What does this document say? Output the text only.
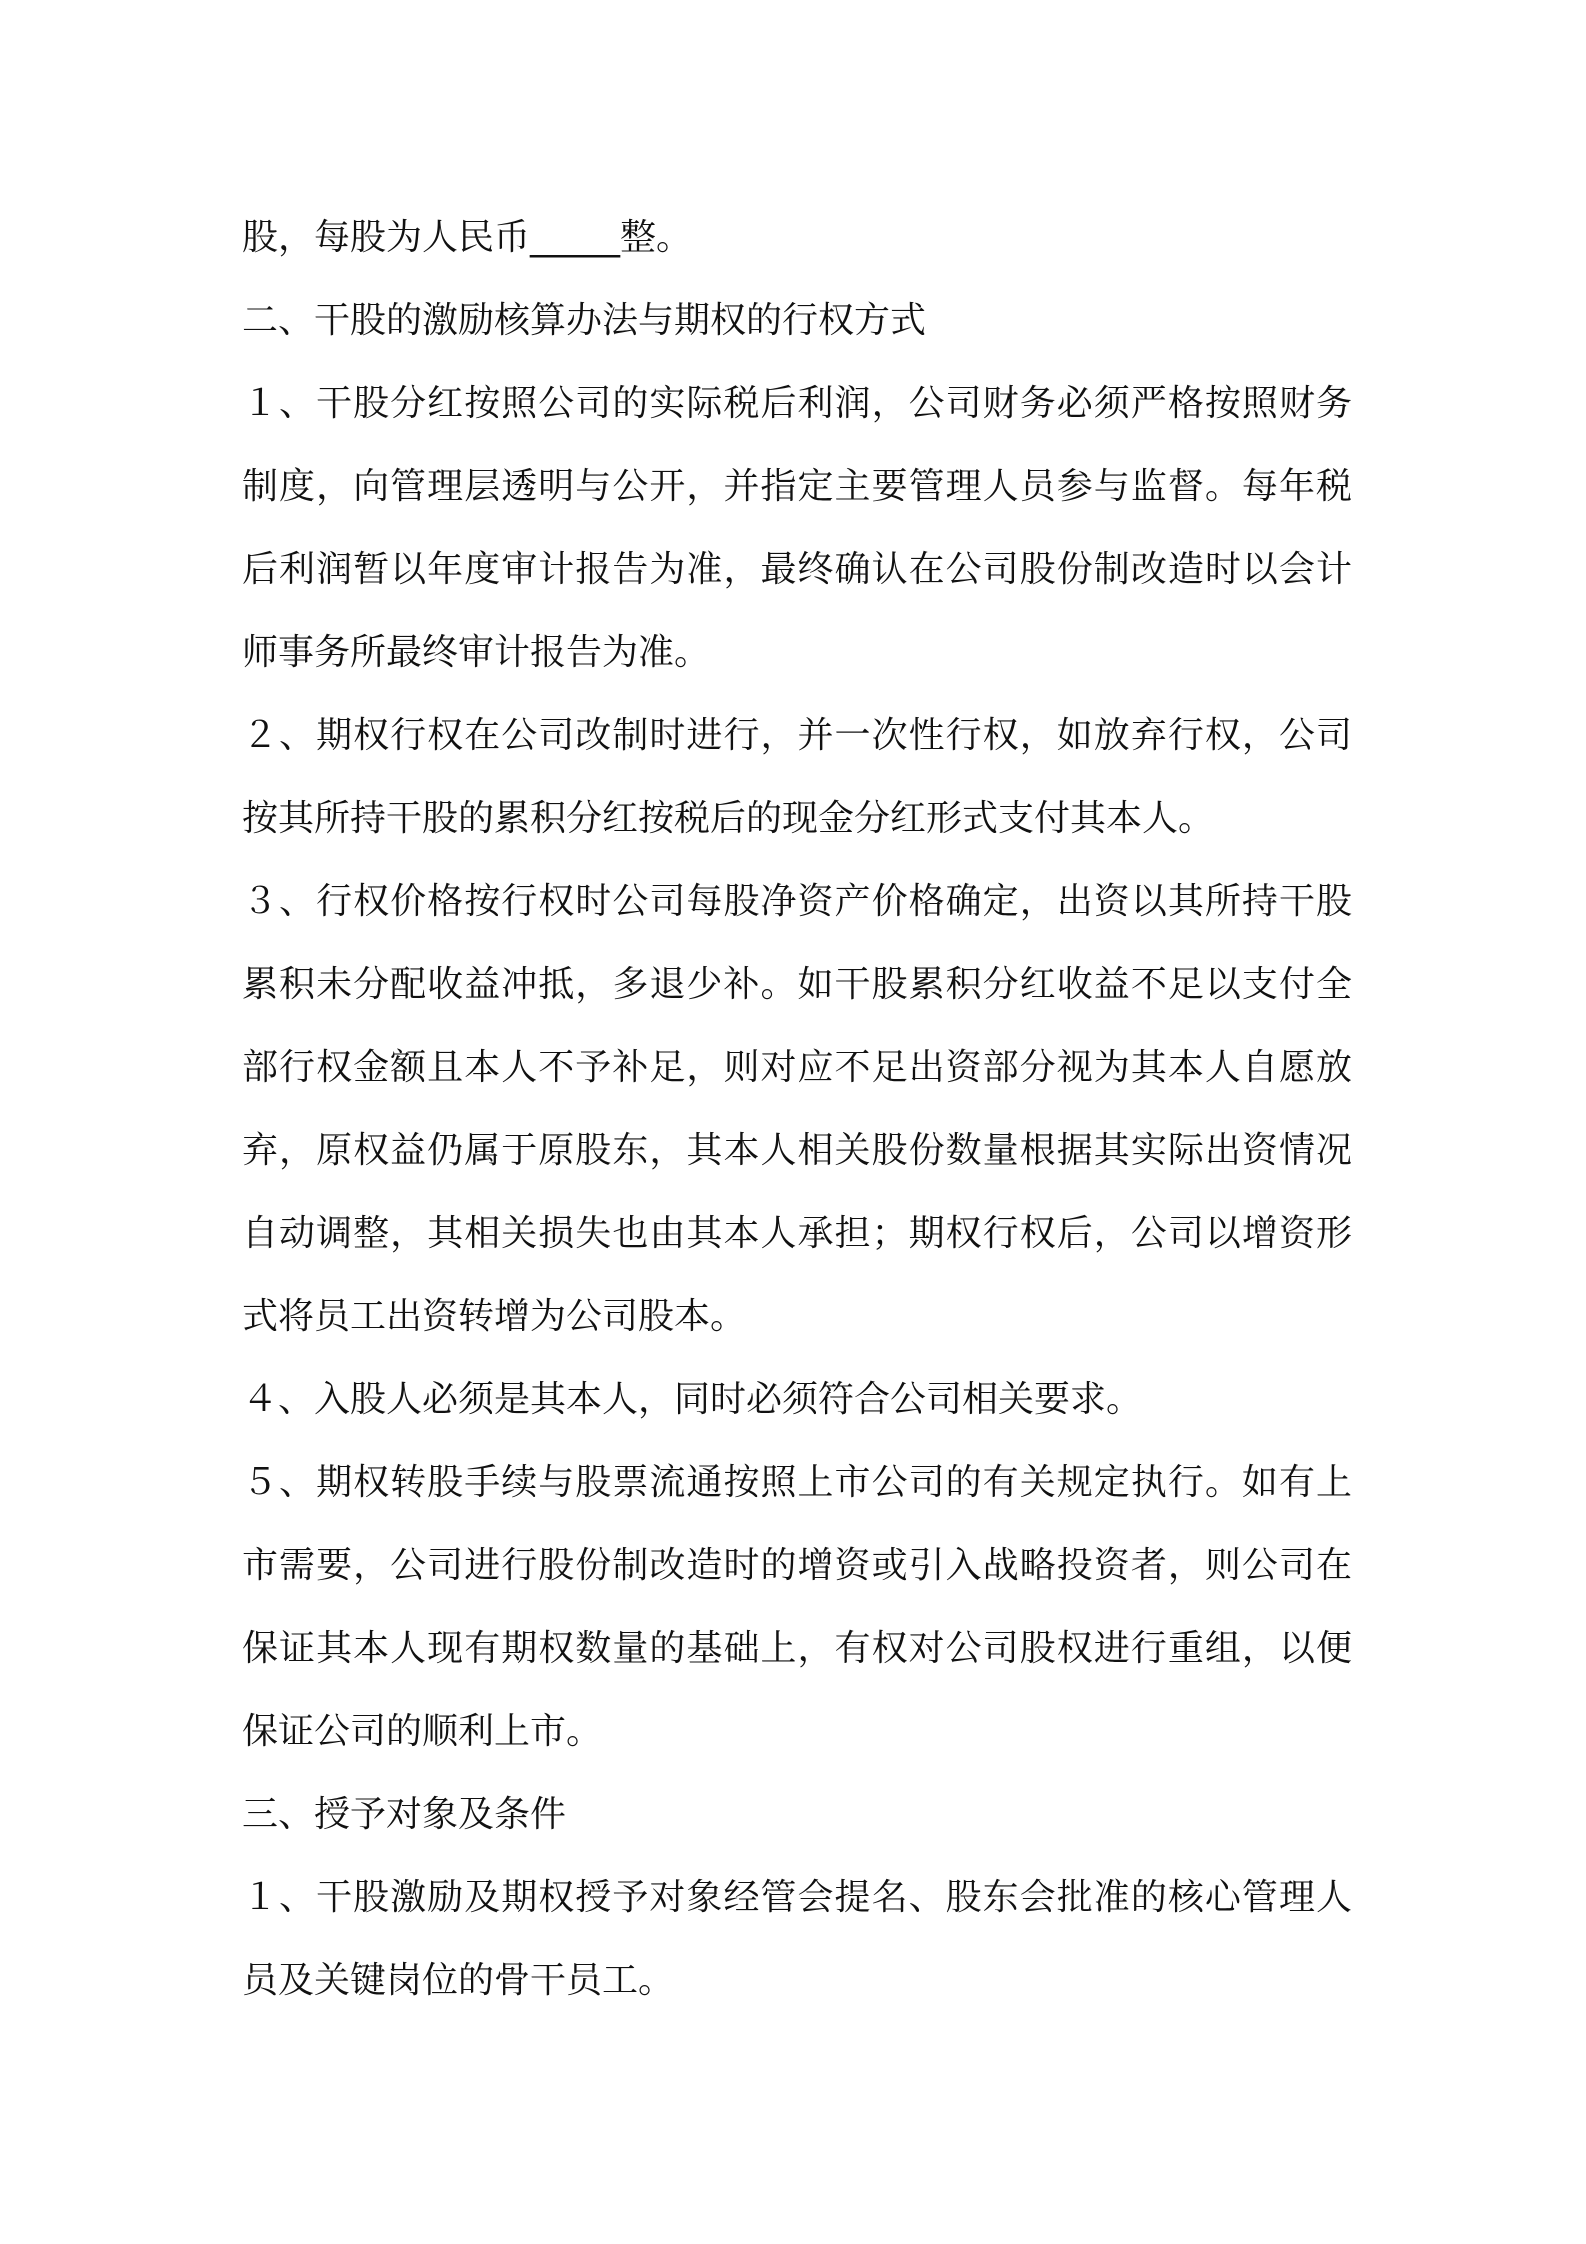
股，每股为人民币_____整。

二、干股的激励核算办法与期权的行权方式

１、干股分红按照公司的实际税后利润，公司财务必须严格按照财务制度，向管理层透明与公开，并指定主要管理人员参与监督。每年税后利润暂以年度审计报告为准，最终确认在公司股份制改造时以会计师事务所最终审计报告为准。

２、期权行权在公司改制时进行，并一次性行权，如放弃行权，公司按其所持干股的累积分红按税后的现金分红形式支付其本人。

３、行权价格按行权时公司每股净资产价格确定，出资以其所持干股累积未分配收益冲抵，多退少补。如干股累积分红收益不足以支付全部行权金额且本人不予补足，则对应不足出资部分视为其本人自愿放弃，原权益仍属于原股东，其本人相关股份数量根据其实际出资情况自动调整，其相关损失也由其本人承担；期权行权后，公司以增资形式将员工出资转增为公司股本。

４、入股人必须是其本人，同时必须符合公司相关要求。

５、期权转股手续与股票流通按照上市公司的有关规定执行。如有上市需要，公司进行股份制改造时的增资或引入战略投资者，则公司在保证其本人现有期权数量的基础上，有权对公司股权进行重组，以便保证公司的顺利上市。

三、授予对象及条件

１、干股激励及期权授予对象经管会提名、股东会批准的核心管理人员及关键岗位的骨干员工。
